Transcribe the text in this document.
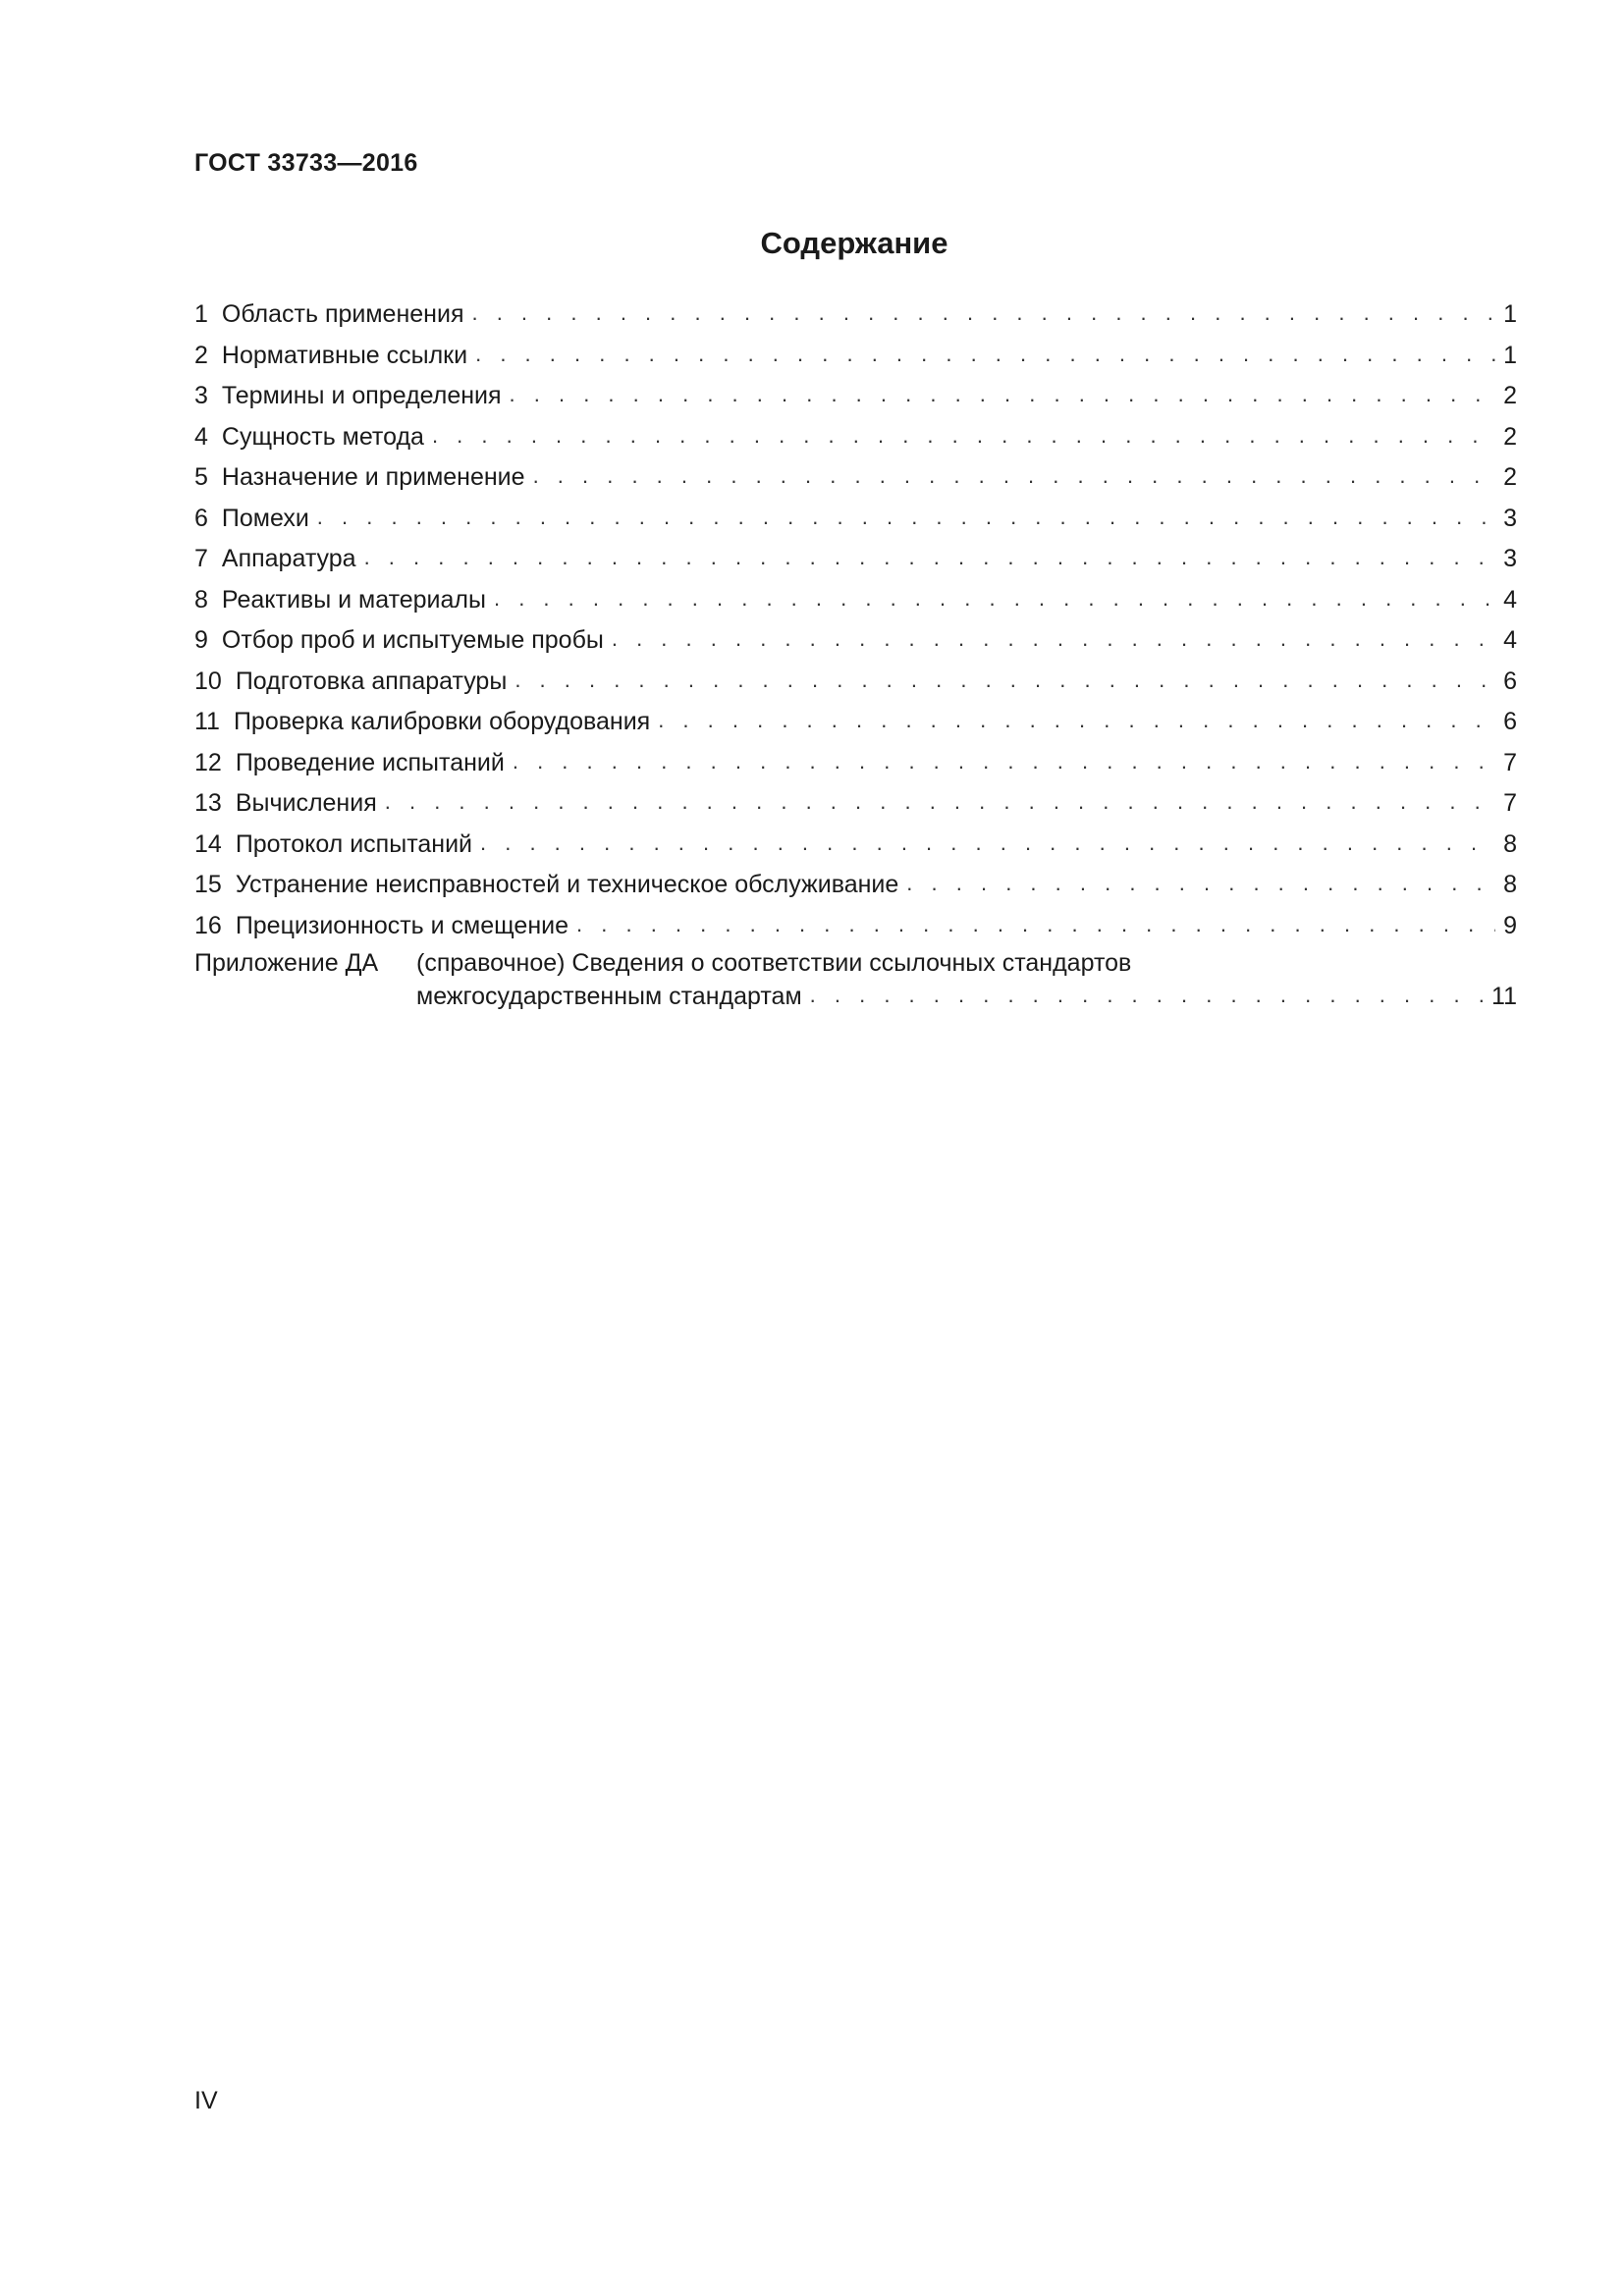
ГОСТ 33733—2016

Содержание
1 Область применения . . .	1
2 Нормативные ссылки . . .	1
3 Термины и определения . . .	2
4 Сущность метода . . .	2
5 Назначение и применение . . .	2
6 Помехи . . .	3
7 Аппаратура . . .	3
8 Реактивы и материалы . . .	4
9 Отбор проб и испытуемые пробы . . .	4
10 Подготовка аппаратуры . . .	6
11 Проверка калибровки оборудования . . .	6
12 Проведение испытаний . . .	7
13 Вычисления . . .	7
14 Протокол испытаний . . .	8
15 Устранение неисправностей и техническое обслуживание . . .	8
16 Прецизионность и смещение . . .	9
Приложение ДА	(справочное) Сведения о соответствии ссылочных стандартов
межгосударственным стандартам . . .	11

IV
